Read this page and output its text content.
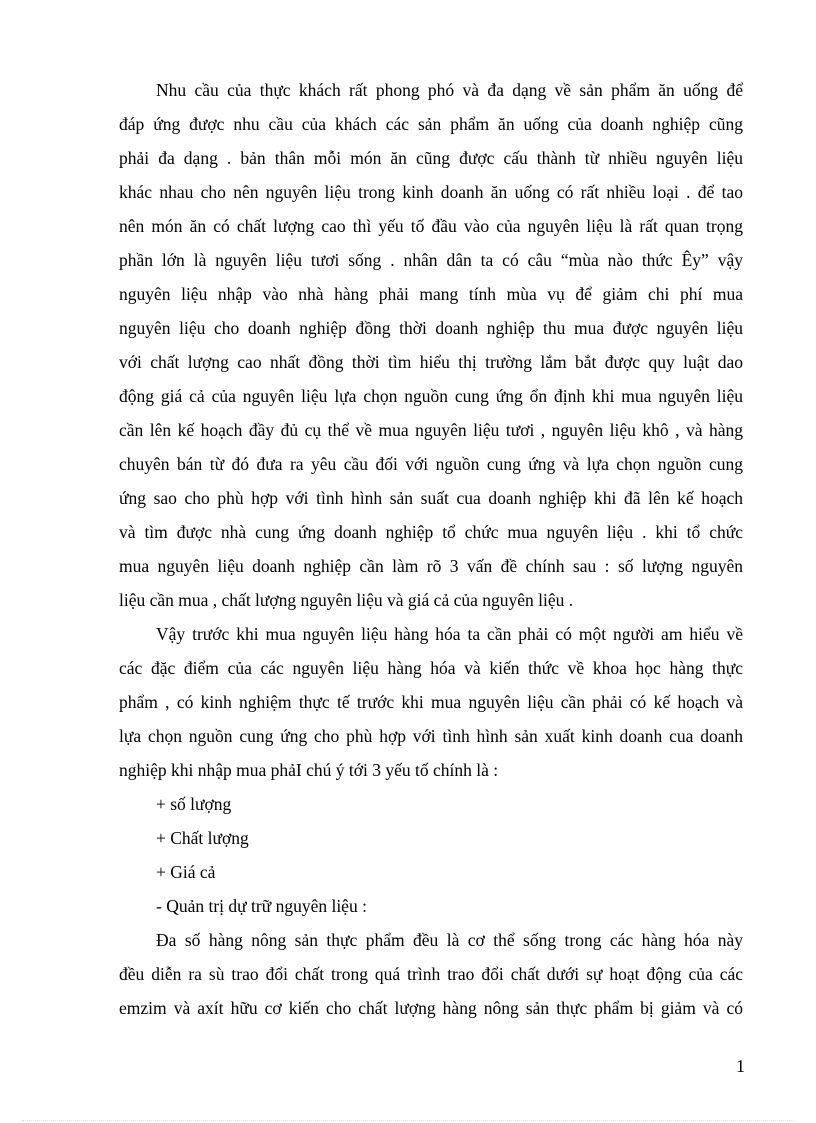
Nhu cầu của thực khách rất phong phó và đa dạng về sản phẩm ăn uống để
đáp ứng được nhu cầu của khách các sản phẩm ăn uống của doanh nghiệp cũng
phải đa dạng . bản thân mỗi món ăn cũng được cấu thành từ nhiều nguyên liệu
khác nhau cho nên nguyên liệu trong kinh doanh ăn uống có rất nhiều loại . để tao
nên món ăn có chất lượng cao thì yếu tố đầu vào của nguyên liệu là rất quan trọng
phần lớn là nguyên liệu tươi sống . nhân dân ta có câu “mùa nào thức Êy” vậy
nguyên liệu nhập vào nhà hàng phải mang tính mùa vụ để giảm chi phí mua
nguyên liệu cho doanh nghiệp đồng thời doanh nghiệp thu mua được nguyên liệu
với chất lượng cao nhất đồng thời tìm hiểu thị trường lắm bắt được quy luật dao
động giá cả của nguyên liệu lựa chọn nguồn cung ứng ổn định khi mua nguyên liệu
cần lên kế hoạch đầy đủ cụ thể về mua nguyên liệu tươi , nguyên liệu khô , và hàng
chuyên bán từ đó đưa ra yêu cầu đối với nguồn cung ứng và lựa chọn nguồn cung
ứng sao cho phù hợp với tình hình sản suất cua doanh nghiệp khi đã lên kế hoạch
và tìm được nhà cung ứng doanh nghiệp tổ chức mua nguyên liệu . khi tổ chức
mua nguyên liệu doanh nghiệp cần làm rõ 3 vấn đề chính sau : số lượng nguyên
liệu cần mua , chất lượng nguyên liệu và giá cả của nguyên liệu .
Vậy trước khi mua nguyên liệu hàng hóa ta cần phải có một người am hiểu về
các đặc điểm của các nguyên liệu hàng hóa và kiến thức về khoa học hàng thực
phẩm , có kinh nghiệm thực tế trước khi mua nguyên liệu cần phải có kế hoạch và
lựa chọn nguồn cung ứng cho phù hợp với tình hình sản xuất kinh doanh cua doanh
nghiệp khi nhập mua phảI chú ý tới 3 yếu tố chính là :
+ số lượng
+ Chất lượng
+ Giá cả
- Quản trị dự trữ nguyên liệu :
Đa số hàng nông sản thực phẩm đều là cơ thể sống trong các hàng hóa này
đều diễn ra sù trao đổi chất trong quá trình trao đổi chất dưới sự hoạt động của các
emzim và axít hữu cơ kiến cho chất lượng hàng nông sản thực phẩm bị giảm và có
1
